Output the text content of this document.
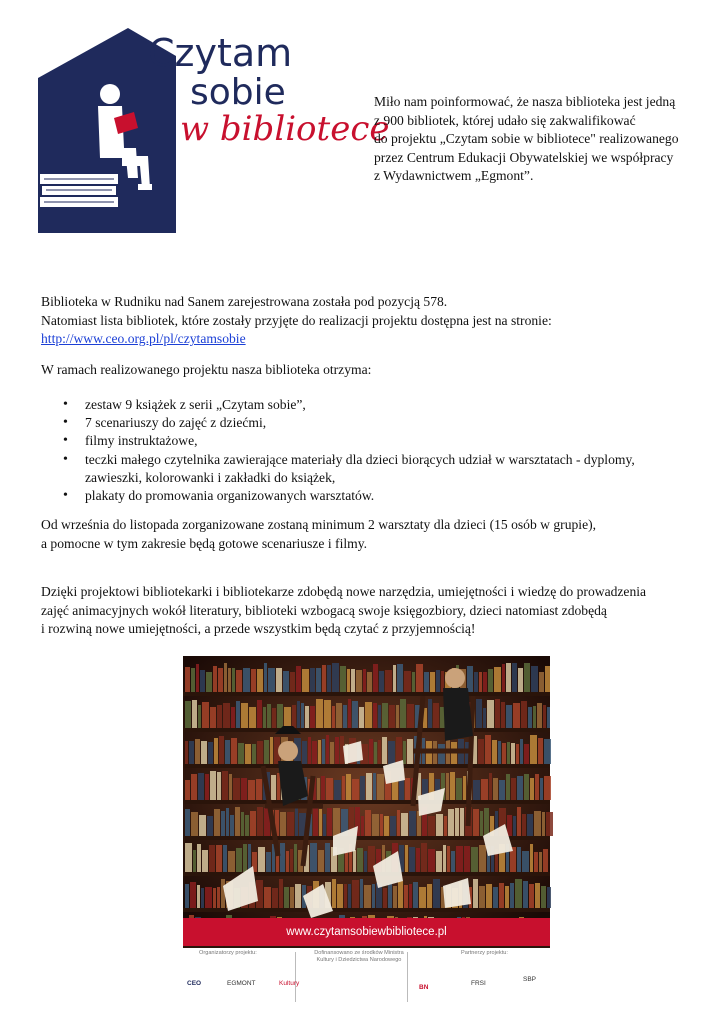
Czytam
sobie
w bibliotece
Miło nam poinformować, że nasza biblioteka jest jedną
z 900 bibliotek, której udało się zakwalifikować
do projektu „Czytam sobie w bibliotece" realizowanego
przez Centrum Edukacji Obywatelskiej we współpracy
z Wydawnictwem „Egmont”.
Biblioteka w Rudniku nad Sanem zarejestrowana została pod pozycją 578.
Natomiast lista bibliotek, które zostały przyjęte do realizacji projektu dostępna jest na stronie:
http://www.ceo.org.pl/pl/czytamsobie
W ramach realizowanego projektu nasza biblioteka otrzyma:
• zestaw 9 książek z serii „Czytam sobie”,
• 7 scenariuszy do zajęć z dziećmi,
• filmy instruktażowe,
• teczki małego czytelnika zawierające materiały dla dzieci biorących udział w warsztatach - dyplomy,
zawieszki, kolorowanki i zakładki do książek,
• plakaty do promowania organizowanych warsztatów.
Od września do listopada zorganizowane zostaną minimum 2 warsztaty dla dzieci (15 osób w grupie),
a pomocne w tym zakresie będą gotowe scenariusze i filmy.
Dzięki projektowi bibliotekarki i bibliotekarze zdobędą nowe narzędzia, umiejętności i wiedzę do prowadzenia
zajęć animacyjnych wokół literatury, biblioteki wzbogacą swoje księgozbiory, dzieci natomiast zdobędą
i rozwiną nowe umiejętności, a przede wszystkim będą czytać z przyjemnością!
www.czytamsobiewbibliotece.pl
Organizatorzy projektu:	Dofinansowano ze środków Ministra Kultury i Dziedzictwa Narodowego
Partnerzy projektu:
CEO	EGMONT	Kultury
BN
FRSI
SBP
